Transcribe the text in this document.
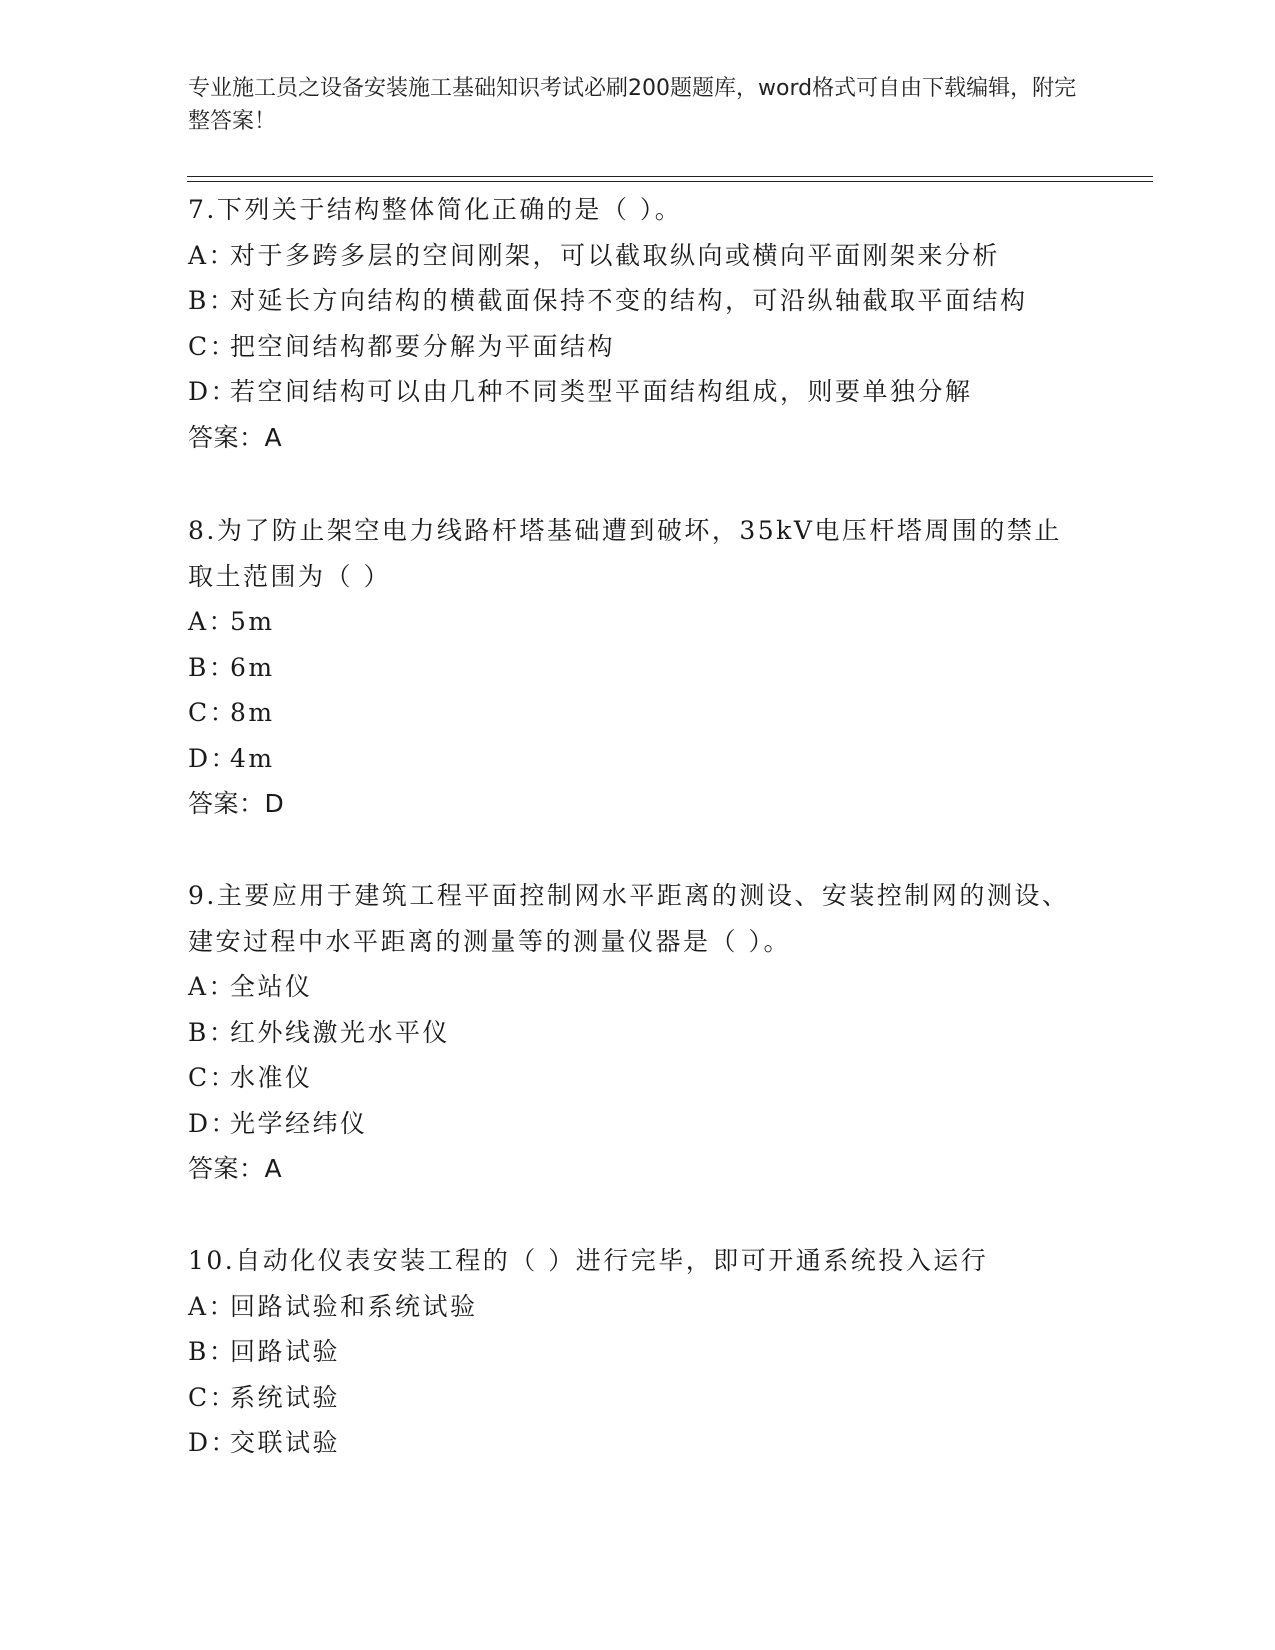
专业施工员之设备安装施工基础知识考试必刷200题题库，word格式可自由下载编辑，附完整答案！

7.下列关于结构整体简化正确的是（ ）。

A：对于多跨多层的空间刚架，可以截取纵向或横向平面刚架来分析

B：对延长方向结构的横截面保持不变的结构，可沿纵轴截取平面结构

C：把空间结构都要分解为平面结构

D：若空间结构可以由几种不同类型平面结构组成，则要单独分解

答案：A

8.为了防止架空电力线路杆塔基础遭到破坏，35kV电压杆塔周围的禁止取土范围为（ ）

A：5m

B：6m

C：8m

D：4m

答案：D

9.主要应用于建筑工程平面控制网水平距离的测设、安装控制网的测设、建安过程中水平距离的测量等的测量仪器是（ ）。

A：全站仪

B：红外线激光水平仪

C：水准仪

D：光学经纬仪

答案：A

10.自动化仪表安装工程的（ ）进行完毕，即可开通系统投入运行

A：回路试验和系统试验

B：回路试验

C：系统试验

D：交联试验
